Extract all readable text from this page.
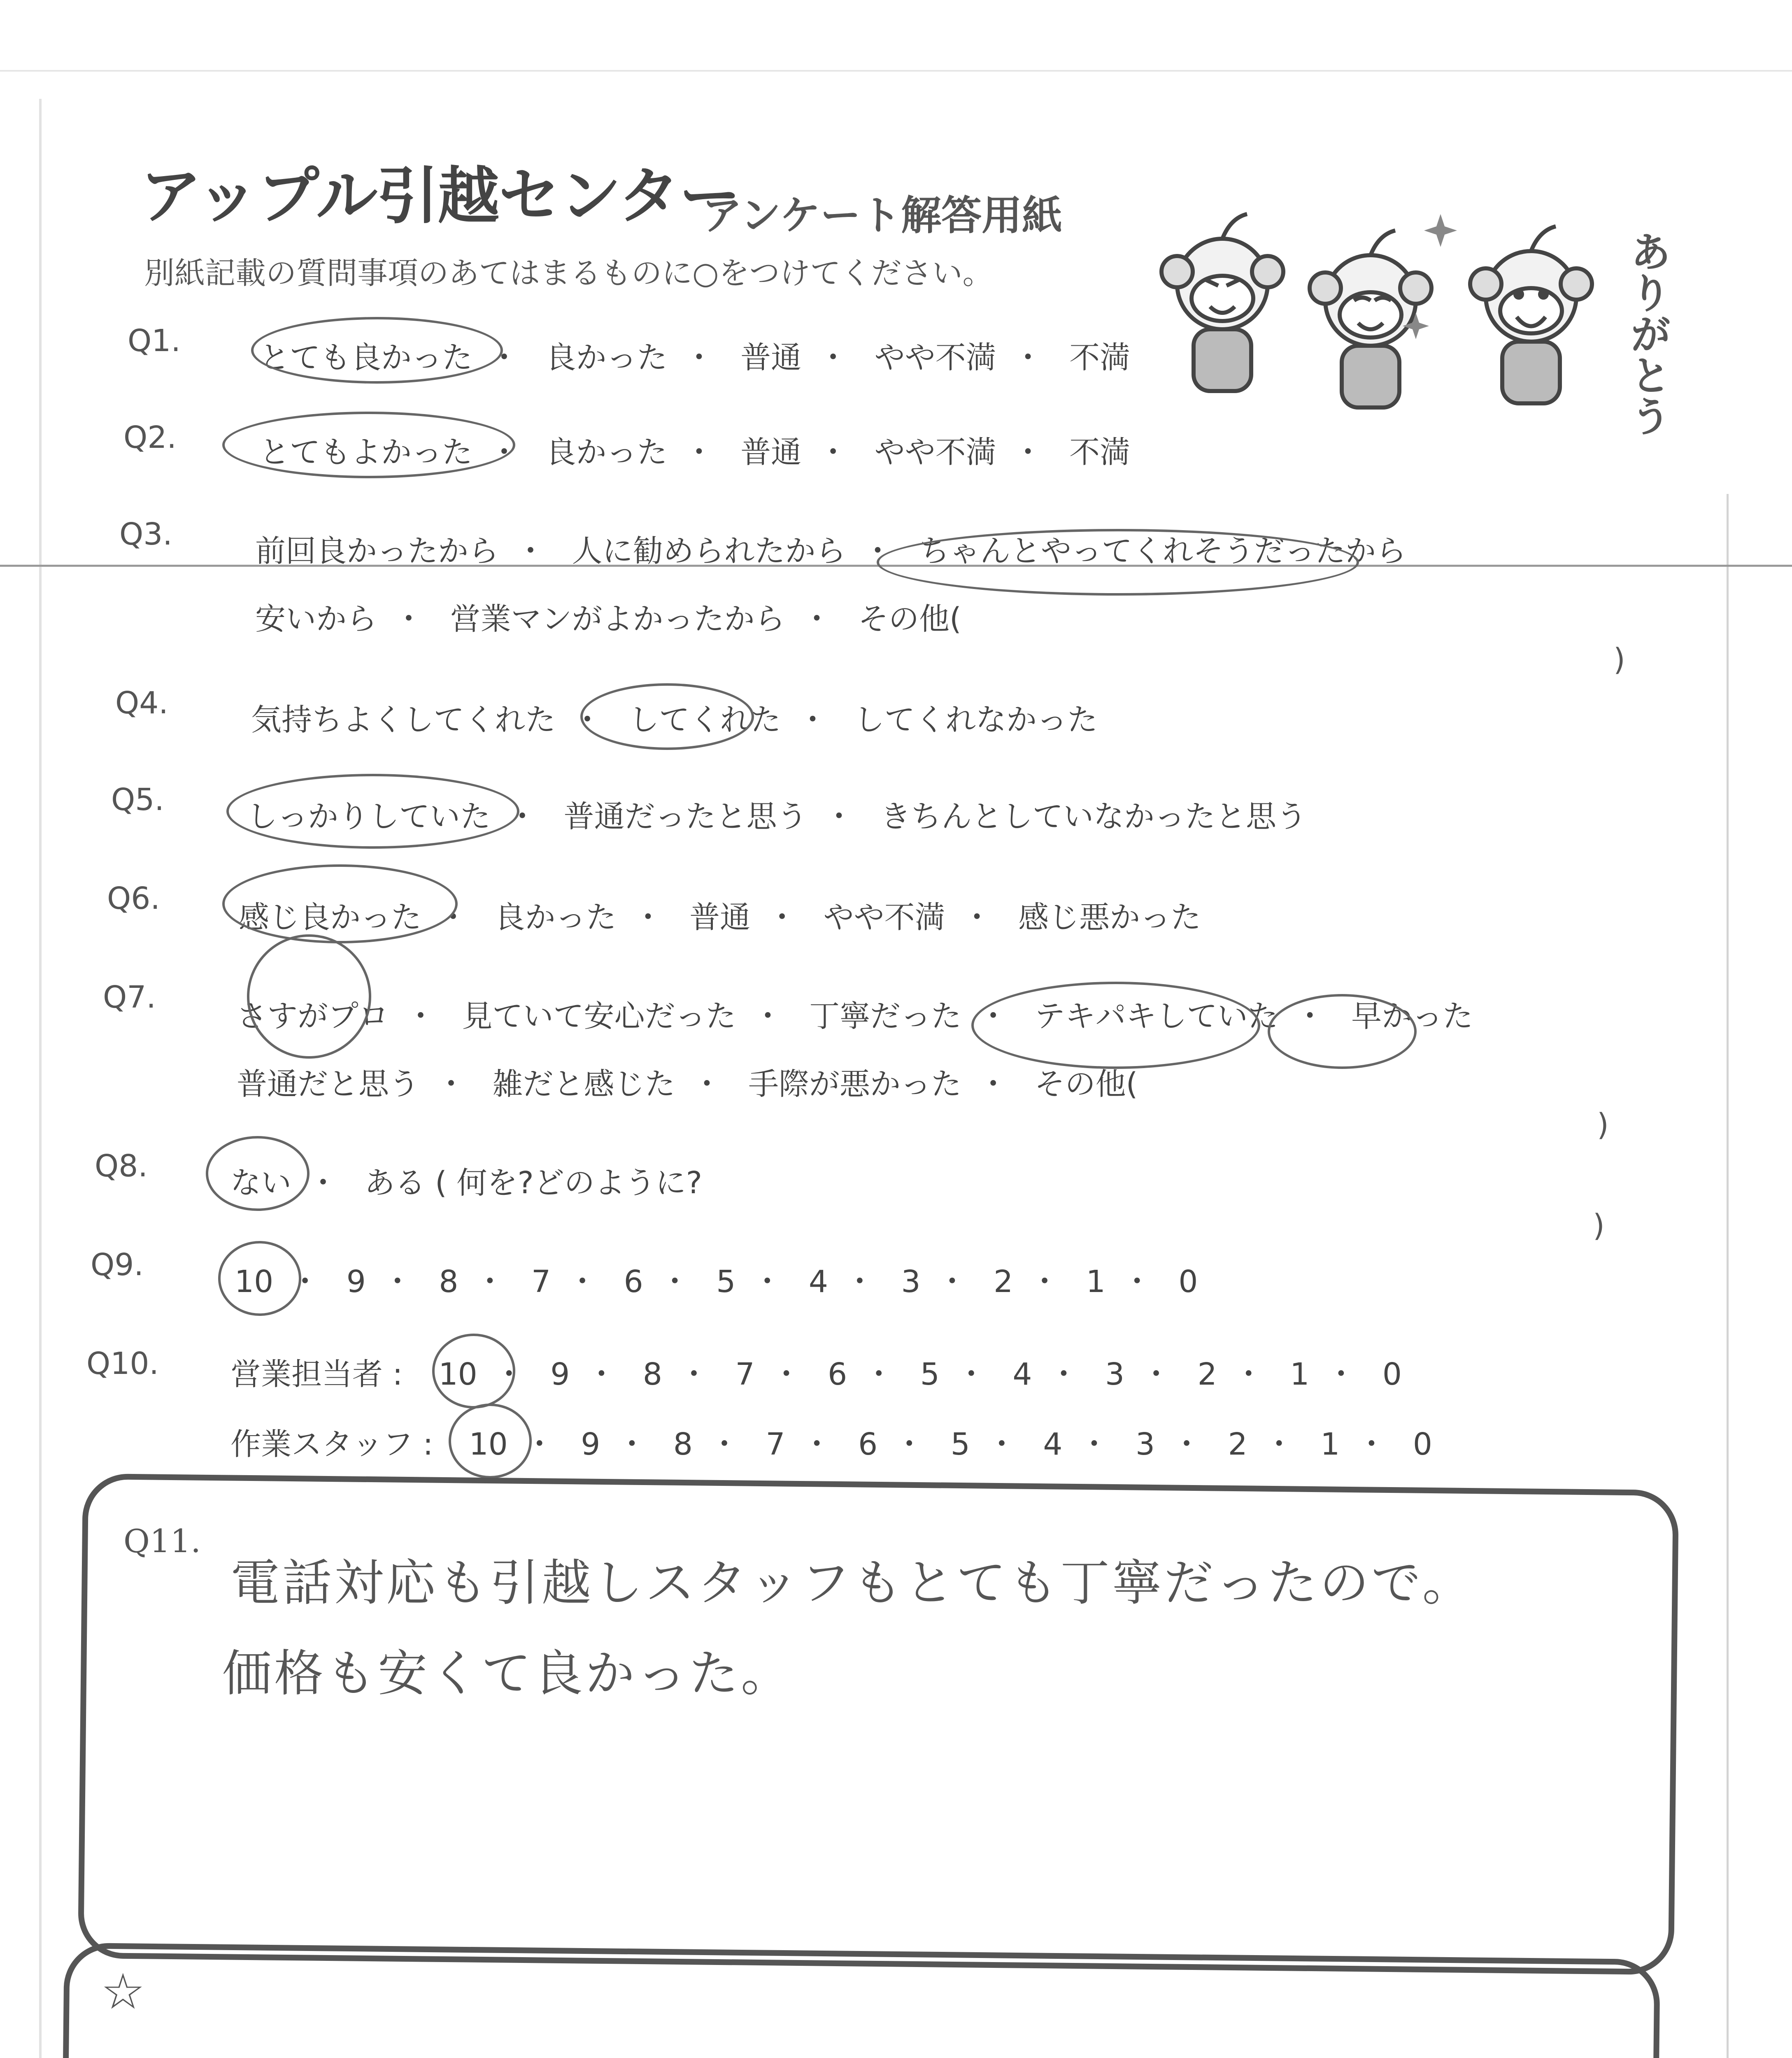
アップル引越センター
アンケート解答用紙
別紙記載の質問事項のあてはまるものに○をつけてください。	ありがとう
Q1.	とても良かった ・ 良かった ・ 普通 ・ やや不満 ・ 不満
Q2.	とてもよかった ・ 良かった ・ 普通 ・ やや不満 ・ 不満
Q3.	前回良かったから ・ 人に勧められたから ・ ちゃんとやってくれそうだったから
安いから ・ 営業マンがよかったから ・ その他(
)
Q4.	気持ちよくしてくれた ・ してくれた ・ してくれなかった
Q5.	しっかりしていた ・ 普通だったと思う ・ きちんとしていなかったと思う
Q6.
感じ良かった ・ 良かった ・ 普通 ・ やや不満 ・ 感じ悪かった
Q7.
さすがプロ ・ 見ていて安心だった ・ 丁寧だった ・ テキパキしていた ・ 早かった
普通だと思う ・ 雑だと感じた ・ 手際が悪かった ・ その他(
)
Q8.	ない ・ ある ( 何を?どのように?
)
Q9.	10 ・ 9 ・ 8 ・ 7 ・ 6 ・ 5 ・ 4 ・ 3 ・ 2 ・ 1 ・ 0
Q10. 営業担当者 : 10 ・ 9 ・ 8 ・ 7 ・ 6 ・ 5 ・ 4 ・ 3 ・ 2 ・ 1 ・ 0
作業スタッフ : 10 ・ 9 ・ 8 ・ 7 ・ 6 ・ 5 ・ 4 ・ 3 ・ 2 ・ 1 ・ 0
Q11.
電話対応も引越しスタッフもとても丁寧だったので。
価格も安くて良かった。
☆
